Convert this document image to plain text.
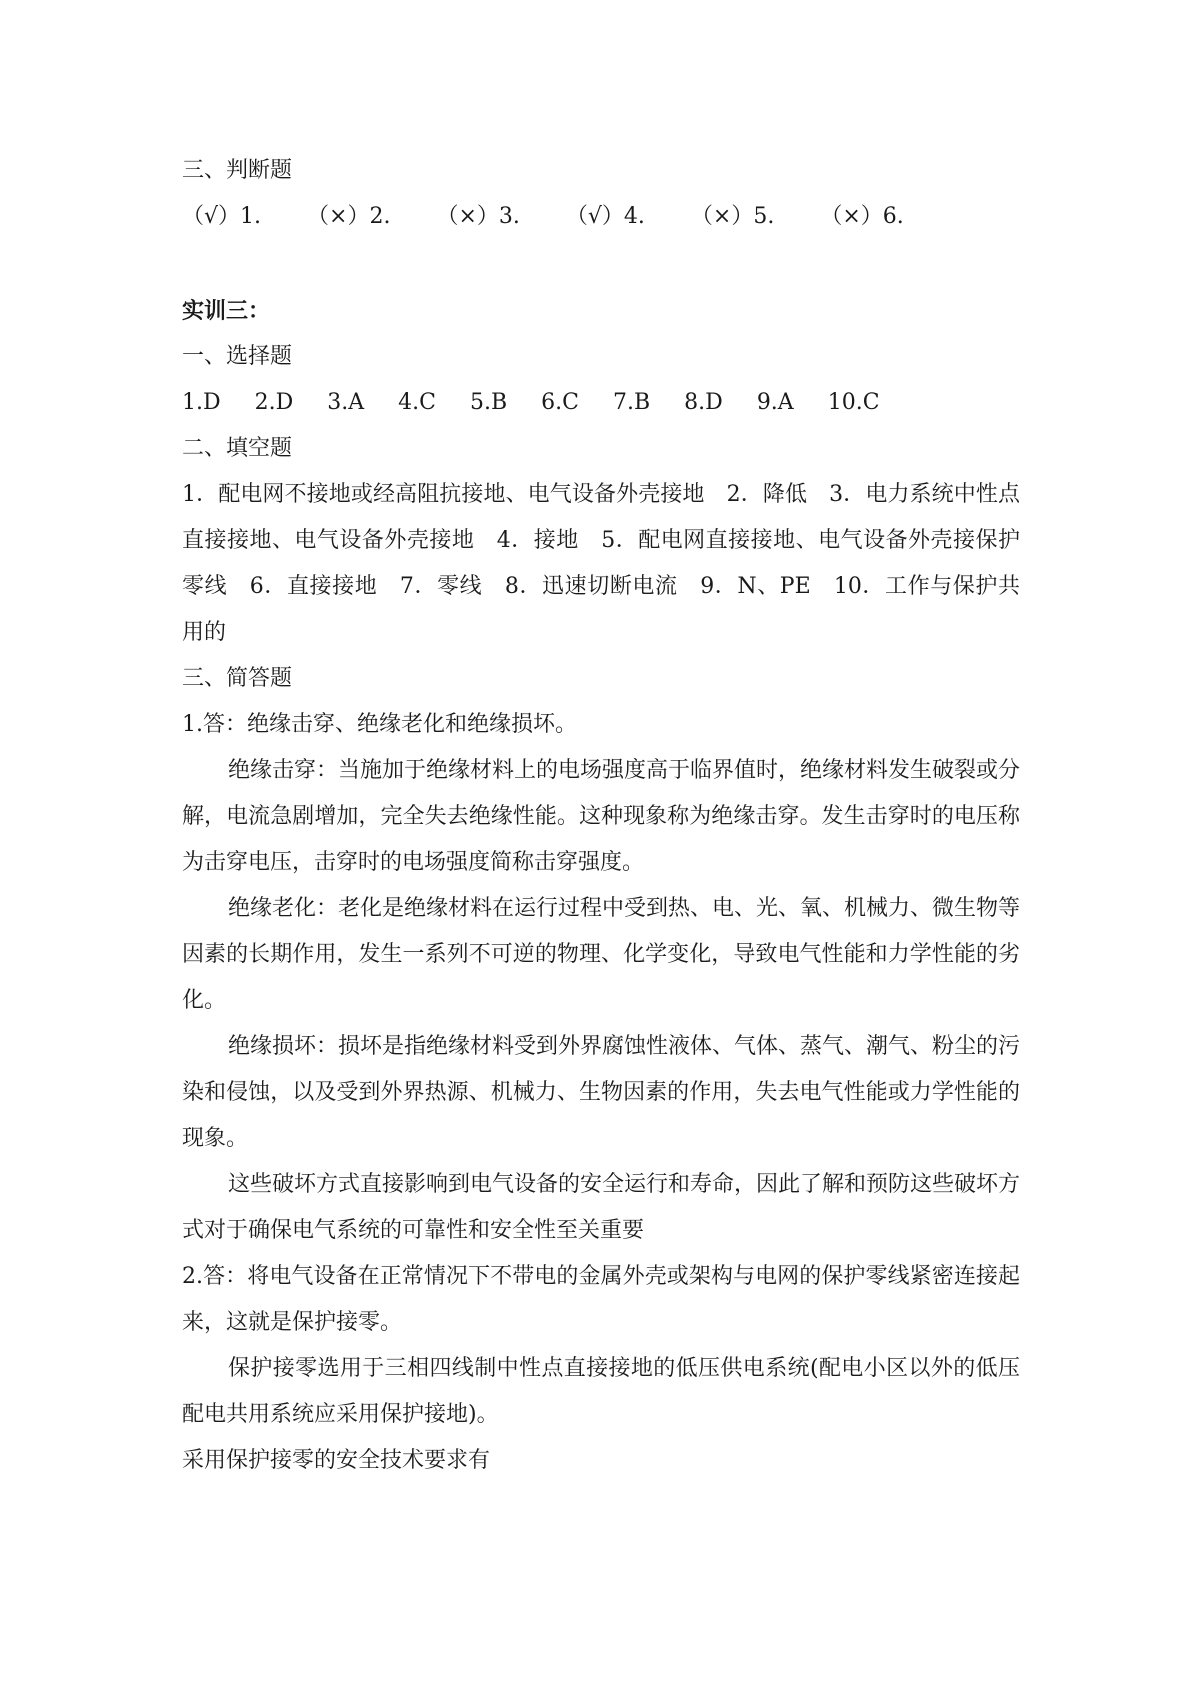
三、判断题

（√）1. （×）2. （×）3. （√）4. （×）5. （×）6.

实训三：

一、选择题

1.D 2.D 3.A 4.C 5.B 6.C 7.B 8.D 9.A 10.C

二、填空题

1．配电网不接地或经高阻抗接地、电气设备外壳接地　2．降低　3．电力系统中性点直接接地、电气设备外壳接地　4．接地　5．配电网直接接地、电气设备外壳接保护零线　6．直接接地　7．零线　8．迅速切断电流　9．N、PE　10．工作与保护共用的

三、简答题

1.答：绝缘击穿、绝缘老化和绝缘损坏。

绝缘击穿：当施加于绝缘材料上的电场强度高于临界值时，绝缘材料发生破裂或分解，电流急剧增加，完全失去绝缘性能。这种现象称为绝缘击穿。发生击穿时的电压称为击穿电压，击穿时的电场强度简称击穿强度。

绝缘老化：老化是绝缘材料在运行过程中受到热、电、光、氧、机械力、微生物等因素的长期作用，发生一系列不可逆的物理、化学变化，导致电气性能和力学性能的劣化。

绝缘损坏：损坏是指绝缘材料受到外界腐蚀性液体、气体、蒸气、潮气、粉尘的污染和侵蚀，以及受到外界热源、机械力、生物因素的作用，失去电气性能或力学性能的现象。

这些破坏方式直接影响到电气设备的安全运行和寿命，因此了解和预防这些破坏方式对于确保电气系统的可靠性和安全性至关重要

2.答：将电气设备在正常情况下不带电的金属外壳或架构与电网的保护零线紧密连接起来，这就是保护接零。

保护接零选用于三相四线制中性点直接接地的低压供电系统(配电小区以外的低压配电共用系统应采用保护接地)。

采用保护接零的安全技术要求有
